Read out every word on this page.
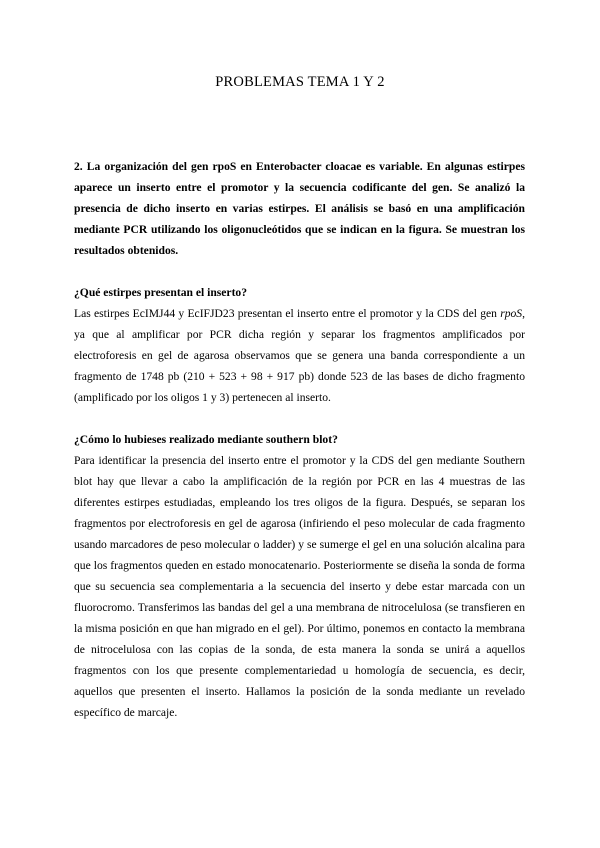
PROBLEMAS TEMA 1 Y 2
2. La organización del gen rpoS en Enterobacter cloacae es variable. En algunas estirpes aparece un inserto entre el promotor y la secuencia codificante del gen. Se analizó la presencia de dicho inserto en varias estirpes. El análisis se basó en una amplificación mediante PCR utilizando los oligonucleótidos que se indican en la figura. Se muestran los resultados obtenidos.
¿Qué estirpes presentan el inserto?
Las estirpes EcIMJ44 y EcIFJD23 presentan el inserto entre el promotor y la CDS del gen rpoS, ya que al amplificar por PCR dicha región y separar los fragmentos amplificados por electroforesis en gel de agarosa observamos que se genera una banda correspondiente a un fragmento de 1748 pb (210 + 523 + 98 + 917 pb) donde 523 de las bases de dicho fragmento (amplificado por los oligos 1 y 3) pertenecen al inserto.
¿Cómo lo hubieses realizado mediante southern blot?
Para identificar la presencia del inserto entre el promotor y la CDS del gen mediante Southern blot hay que llevar a cabo la amplificación de la región por PCR en las 4 muestras de las diferentes estirpes estudiadas, empleando los tres oligos de la figura. Después, se separan los fragmentos por electroforesis en gel de agarosa (infiriendo el peso molecular de cada fragmento usando marcadores de peso molecular o ladder) y se sumerge el gel en una solución alcalina para que los fragmentos queden en estado monocatenario. Posteriormente se diseña la sonda de forma que su secuencia sea complementaria a la secuencia del inserto y debe estar marcada con un fluorocromo. Transferimos las bandas del gel a una membrana de nitrocelulosa (se transfieren en la misma posición en que han migrado en el gel). Por último, ponemos en contacto la membrana de nitrocelulosa con las copias de la sonda, de esta manera la sonda se unirá a aquellos fragmentos con los que presente complementariedad u homología de secuencia, es decir, aquellos que presenten el inserto. Hallamos la posición de la sonda mediante un revelado específico de marcaje.
